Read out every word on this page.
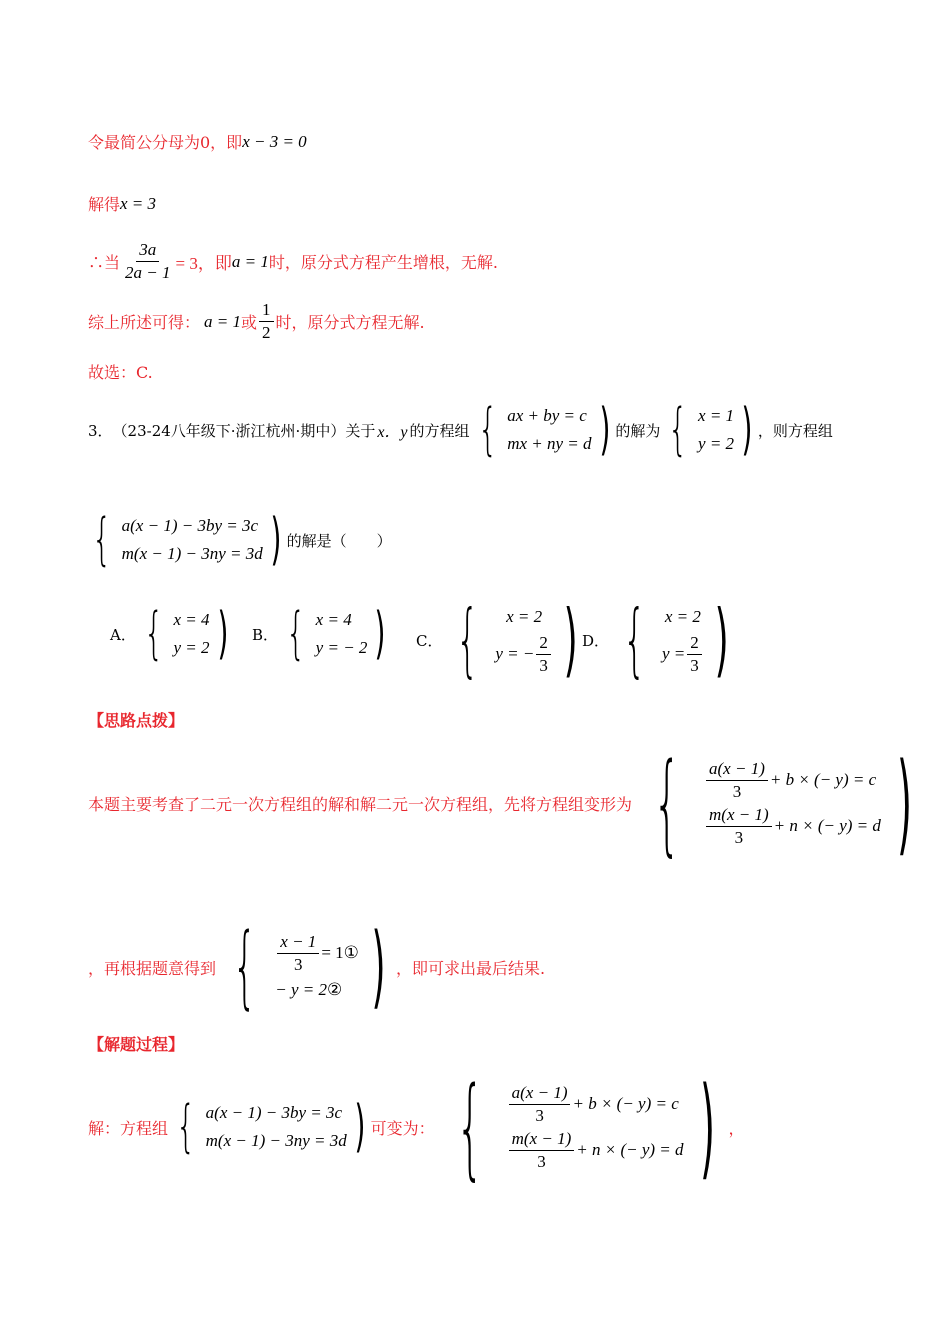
令最简公分母为0，即 x − 3 = 0
解得 x = 3
∴当 $\frac{3a}{2a - 1} = 3$，即 a = 1 时，原分式方程产生增根，无解.
综上所述可得： a = 1 或 $\frac{1}{2}$ 时，原分式方程无解.
故选：C.
3． （23-24八年级下·浙江杭州·期中）关于 x．y 的方程组 { ax + by = c
mx + ny = d ) 的解为 { x = 1
y = 2 ) ，则方程组
{ a(x − 1) − 3by = 3c
m(x − 1) − 3ny = 3d ) 的解是（　　）
A． { x = 4
y = 2 ) B． { x = 4
y = − 2 ) C． {	x = 2
y = − $\frac{2}{3}$ ) D． { x = 2
$y = \frac{2}{3}$ )
【思路点拨】
本题主要考查了二元一次方程组的解和解二元一次方程组，先将方程组变形为 { $\frac{a(x - 1)}{3} + b$ × (− y) = c
$\frac{m(x - 1)}{3} + n$ × (− y) = d )
，再根据题意得到 { $\frac{x - 1}{3} = 1$ ①
− y = 2 ② ) ，即可求出最后结果.
【解题过程】
解：方程组 { a(x − 1) − 3by = 3c
m(x − 1) − 3ny = 3d ) 可变为： { $\frac{a(x - 1)}{3} + b$ × (− y) = c
$\frac{m(x - 1)}{3} + n$ × (− y) = d ) ，
